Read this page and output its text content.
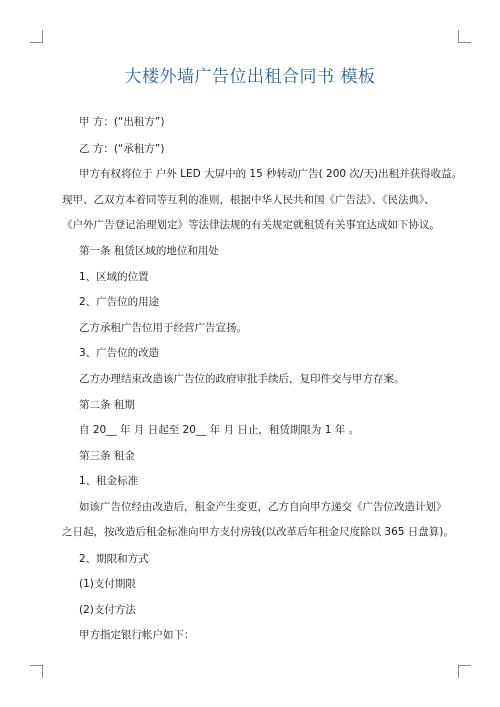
大楼外墙广告位出租合同书 模板
甲 方：(“出租方”)
乙 方：(“承租方”)
甲方有权将位于 户外 LED 大屏中的 15 秒转动广告( 200 次/天)出租并获得收益。
现甲、乙双方本着同等互利的准则，根据中华人民共和国《广告法》、《民法典》、
《户外广告登记治理划定》等法律法规的有关规定就租赁有关事宜达成如下协议。
第一条 租赁区域的地位和用处
1、区域的位置
2、广告位的用途
乙方承租广告位用于经营广告宣扬。
3、广告位的改造
乙方办理结束改造该广告位的政府审批手续后，复印件交与甲方存案。
第二条 租期
自 20__ 年 月 日起至 20__ 年 月 日止，租赁期限为 1 年 。
第三条 租金
1、租金标准
如该广告位经由改造后，租金产生变更，乙方自向甲方递交《广告位改造计划》
之日起，按改造后租金标准向甲方支付房钱(以改革后年租金尺度除以 365 日盘算)。
2、期限和方式
(1)支付期限
(2)支付方法
甲方指定银行帐户如下：
